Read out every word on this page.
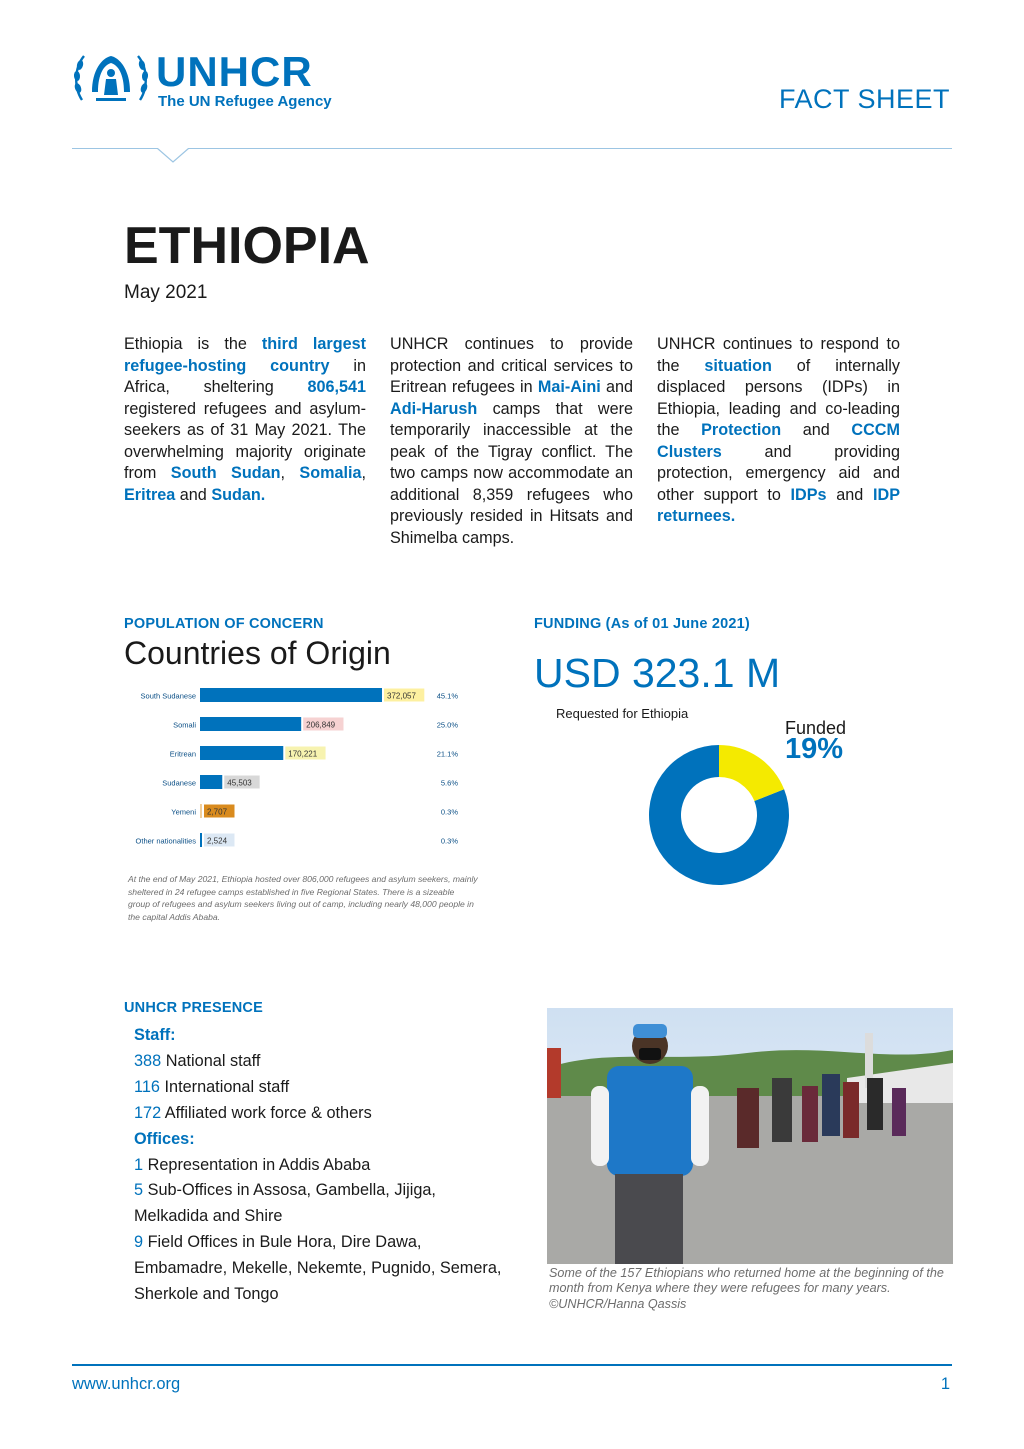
UNHCR
The UN Refugee Agency	FACT SHEET
ETHIOPIA
May 2021
Ethiopia is the third largest refugee-hosting country in Africa, sheltering 806,541 registered refugees and asylum-seekers as of 31 May 2021. The overwhelming majority originate from South Sudan, Somalia, Eritrea and Sudan.
UNHCR continues to provide protection and critical services to Eritrean refugees in Mai-Aini and Adi-Harush camps that were temporarily inaccessible at the peak of the Tigray conflict. The two camps now accommodate an additional 8,359 refugees who previously resided in Hitsats and Shimelba camps.
UNHCR continues to respond to the situation of internally displaced persons (IDPs) in Ethiopia, leading and co-leading the Protection and CCCM Clusters and providing protection, emergency aid and other support to IDPs and IDP returnees.
POPULATION OF CONCERN
Countries of Origin
South Sudanese	372,057	45.1%
Somali	206,849	25.0%
Eritrean	170,221	21.1%
Sudanese	45,503	5.6%
Yemeni 2,707	0.3%
Other nationalities 2,524	0.3%
At the end of May 2021, Ethiopia hosted over 806,000 refugees and asylum seekers, mainly sheltered in 24 refugee camps established in five Regional States. There is a sizeable group of refugees and asylum seekers living out of camp, including nearly 48,000 people in the capital Addis Ababa.
FUNDING (As of 01 June 2021)
USD 323.1 M
Requested for Ethiopia
Funded
19%
UNHCR PRESENCE
Staff:
388 National staff
116 International staff
172 Affiliated work force & others
Offices:
1 Representation in Addis Ababa
5 Sub-Offices in Assosa, Gambella, Jijiga, Melkadida and Shire
9 Field Offices in Bule Hora, Dire Dawa, Embamadre, Mekelle, Nekemte, Pugnido, Semera, Sherkole and Tongo
Some of the 157 Ethiopians who returned home at the beginning of the month from Kenya where they were refugees for many years. ©UNHCR/Hanna Qassis
www.unhcr.org	1
